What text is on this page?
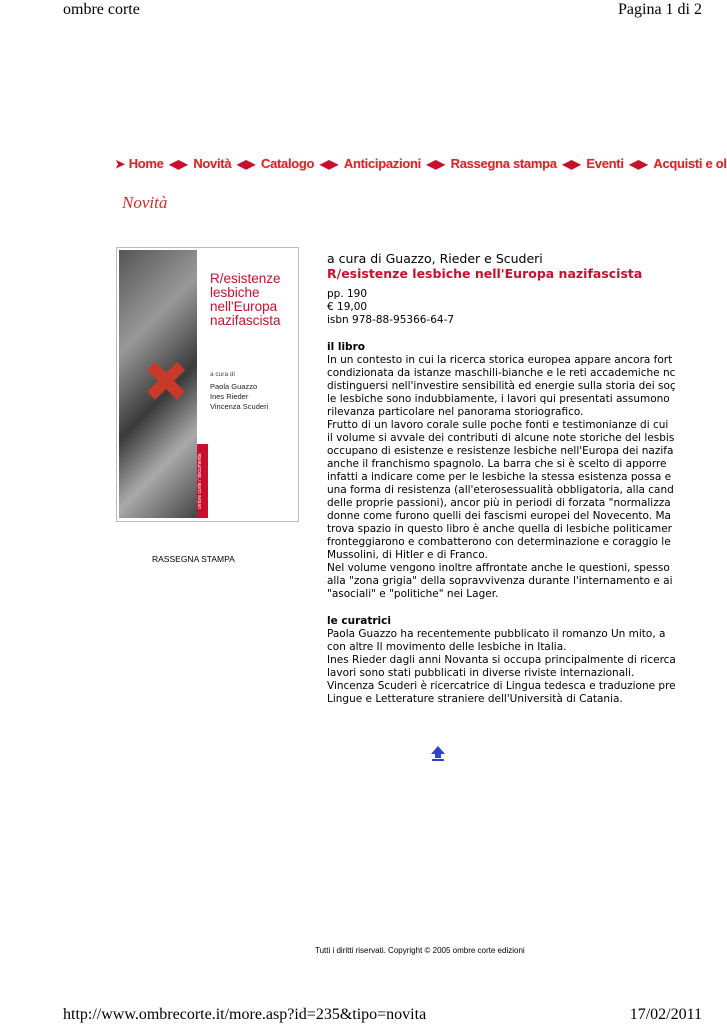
ombre corte	Pagina 1 di 2
➤ Home ◀▶ Novità ◀▶ Catalogo ◀▶ Anticipazioni ◀▶ Rassegna stampa ◀▶ Eventi ◀▶ Acquisti e ol
Novità
✚
R/esistenze
lesbiche
nell'Europa
nazifascista
a cura di
Paola Guazzo
Ines Rieder
Vincenza Scuderi
ombre corte / documenta
RASSEGNA STAMPA
a cura di Guazzo, Rieder e Scuderi
R/esistenze lesbiche nell'Europa nazifascista
pp. 190
€ 19,00
isbn 978-88-95366-64-7
il libro
In un contesto in cui la ricerca storica europea appare ancora fort
condizionata da istanze maschili-bianche e le reti accademiche nc
distinguersi nell'investire sensibilità ed energie sulla storia dei soç
le lesbiche sono indubbiamente, i lavori qui presentati assumono
rilevanza particolare nel panorama storiografico.
Frutto di un lavoro corale sulle poche fonti e testimonianze di cui
il volume si avvale dei contributi di alcune note storiche del lesbis
occupano di esistenze e resistenze lesbiche nell'Europa dei nazifa
anche il franchismo spagnolo. La barra che si è scelto di apporre
infatti a indicare come per le lesbiche la stessa esistenza possa e
una forma di resistenza (all'eterosessualità obbligatoria, alla cand
delle proprie passioni), ancor più in periodi di forzata "normalizza
donne come furono quelli dei fascismi europei del Novecento. Ma
trova spazio in questo libro è anche quella di lesbiche politicamer
fronteggiarono e combatterono con determinazione e coraggio le
Mussolini, di Hitler e di Franco.
Nel volume vengono inoltre affrontate anche le questioni, spesso
alla "zona grigia" della sopravvivenza durante l'internamento e ai
"asociali" e "politiche" nei Lager.
le curatrici
Paola Guazzo ha recentemente pubblicato il romanzo Un mito, a
con altre Il movimento delle lesbiche in Italia.
Ines Rieder dagli anni Novanta si occupa principalmente di ricerca
lavori sono stati pubblicati in diverse riviste internazionali.
Vincenza Scuderi è ricercatrice di Lingua tedesca e traduzione pre
Lingue e Letterature straniere dell'Università di Catania.
Tutti i diritti riservati. Copyright © 2005 ombre corte edizioni
http://www.ombrecorte.it/more.asp?id=235&tipo=novita	17/02/2011
